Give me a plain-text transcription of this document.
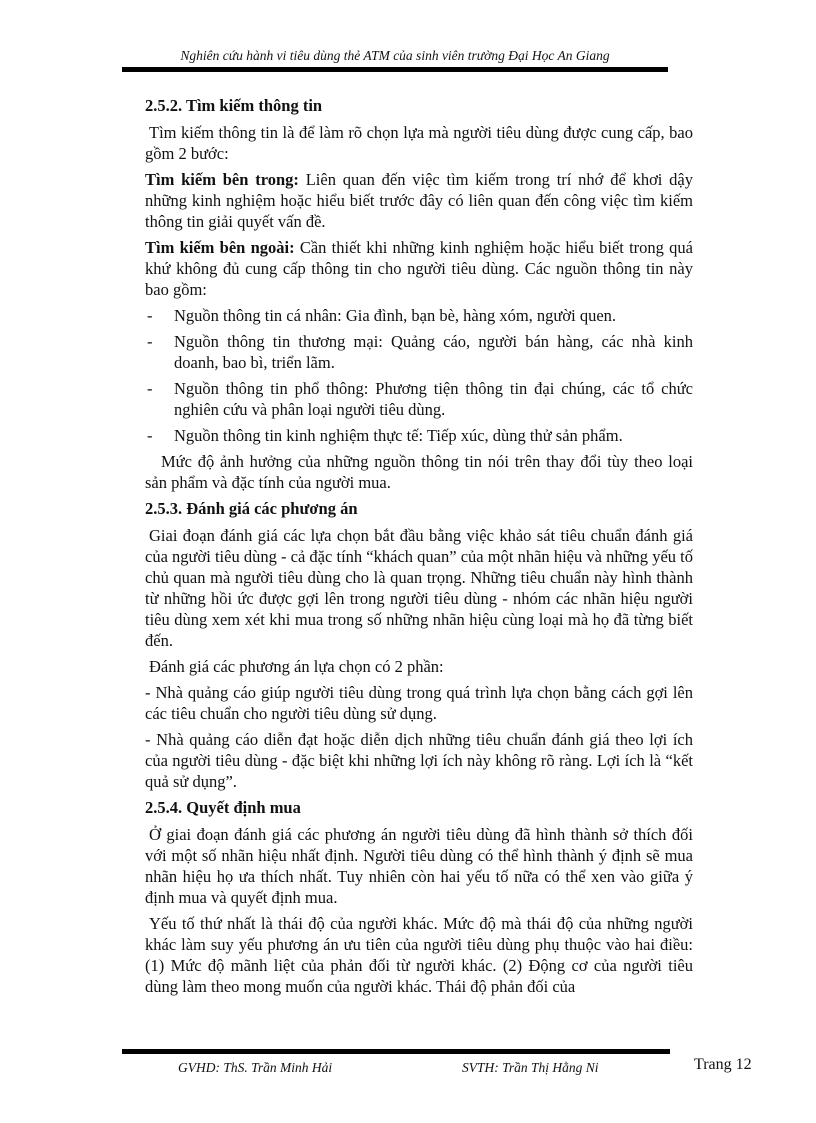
Nghiên cứu hành vi tiêu dùng thẻ ATM của sinh viên trường Đại Học An Giang
2.5.2. Tìm kiếm thông tin

Tìm kiếm thông tin là để làm rõ chọn lựa mà người tiêu dùng được cung cấp, bao gồm 2 bước:

Tìm kiếm bên trong: Liên quan đến việc tìm kiếm trong trí nhớ để khơi dậy những kinh nghiệm hoặc hiểu biết trước đây có liên quan đến công việc tìm kiếm thông tin giải quyết vấn đề.

Tìm kiếm bên ngoài: Cần thiết khi những kinh nghiệm hoặc hiểu biết trong quá khứ không đủ cung cấp thông tin cho người tiêu dùng. Các nguồn thông tin này bao gồm:

- Nguồn thông tin cá nhân: Gia đình, bạn bè, hàng xóm, người quen.
- Nguồn thông tin thương mại: Quảng cáo, người bán hàng, các nhà kinh doanh, bao bì, triển lãm.
- Nguồn thông tin phổ thông: Phương tiện thông tin đại chúng, các tổ chức nghiên cứu và phân loại người tiêu dùng.
- Nguồn thông tin kinh nghiệm thực tế: Tiếp xúc, dùng thử sản phẩm.

Mức độ ảnh hưởng của những nguồn thông tin nói trên thay đổi tùy theo loại sản phẩm và đặc tính của người mua.

2.5.3. Đánh giá các phương án

Giai đoạn đánh giá các lựa chọn bắt đầu bằng việc khảo sát tiêu chuẩn đánh giá của người tiêu dùng - cả đặc tính “khách quan” của một nhãn hiệu và những yếu tố chủ quan mà người tiêu dùng cho là quan trọng. Những tiêu chuẩn này hình thành từ những hồi ức được gợi lên trong người tiêu dùng - nhóm các nhãn hiệu người tiêu dùng xem xét khi mua trong số những nhãn hiệu cùng loại mà họ đã từng biết đến.

Đánh giá các phương án lựa chọn có 2 phần:

- Nhà quảng cáo giúp người tiêu dùng trong quá trình lựa chọn bằng cách gợi lên các tiêu chuẩn cho người tiêu dùng sử dụng.

- Nhà quảng cáo diễn đạt hoặc diễn dịch những tiêu chuẩn đánh giá theo lợi ích của người tiêu dùng - đặc biệt khi những lợi ích này không rõ ràng. Lợi ích là “kết quả sử dụng”.

2.5.4. Quyết định mua

Ở giai đoạn đánh giá các phương án người tiêu dùng đã hình thành sở thích đối với một số nhãn hiệu nhất định. Người tiêu dùng có thể hình thành ý định sẽ mua nhãn hiệu họ ưa thích nhất. Tuy nhiên còn hai yếu tố nữa có thể xen vào giữa ý định mua và quyết định mua.

Yếu tố thứ nhất là thái độ của người khác. Mức độ mà thái độ của những người khác làm suy yếu phương án ưu tiên của người tiêu dùng phụ thuộc vào hai điều: (1) Mức độ mãnh liệt của phản đối từ người khác. (2) Động cơ của người tiêu dùng làm theo mong muốn của người khác. Thái độ phản đối của

GVHD: ThS. Trần Minh Hải	SVTH: Trần Thị Hằng Ni	Trang 12
